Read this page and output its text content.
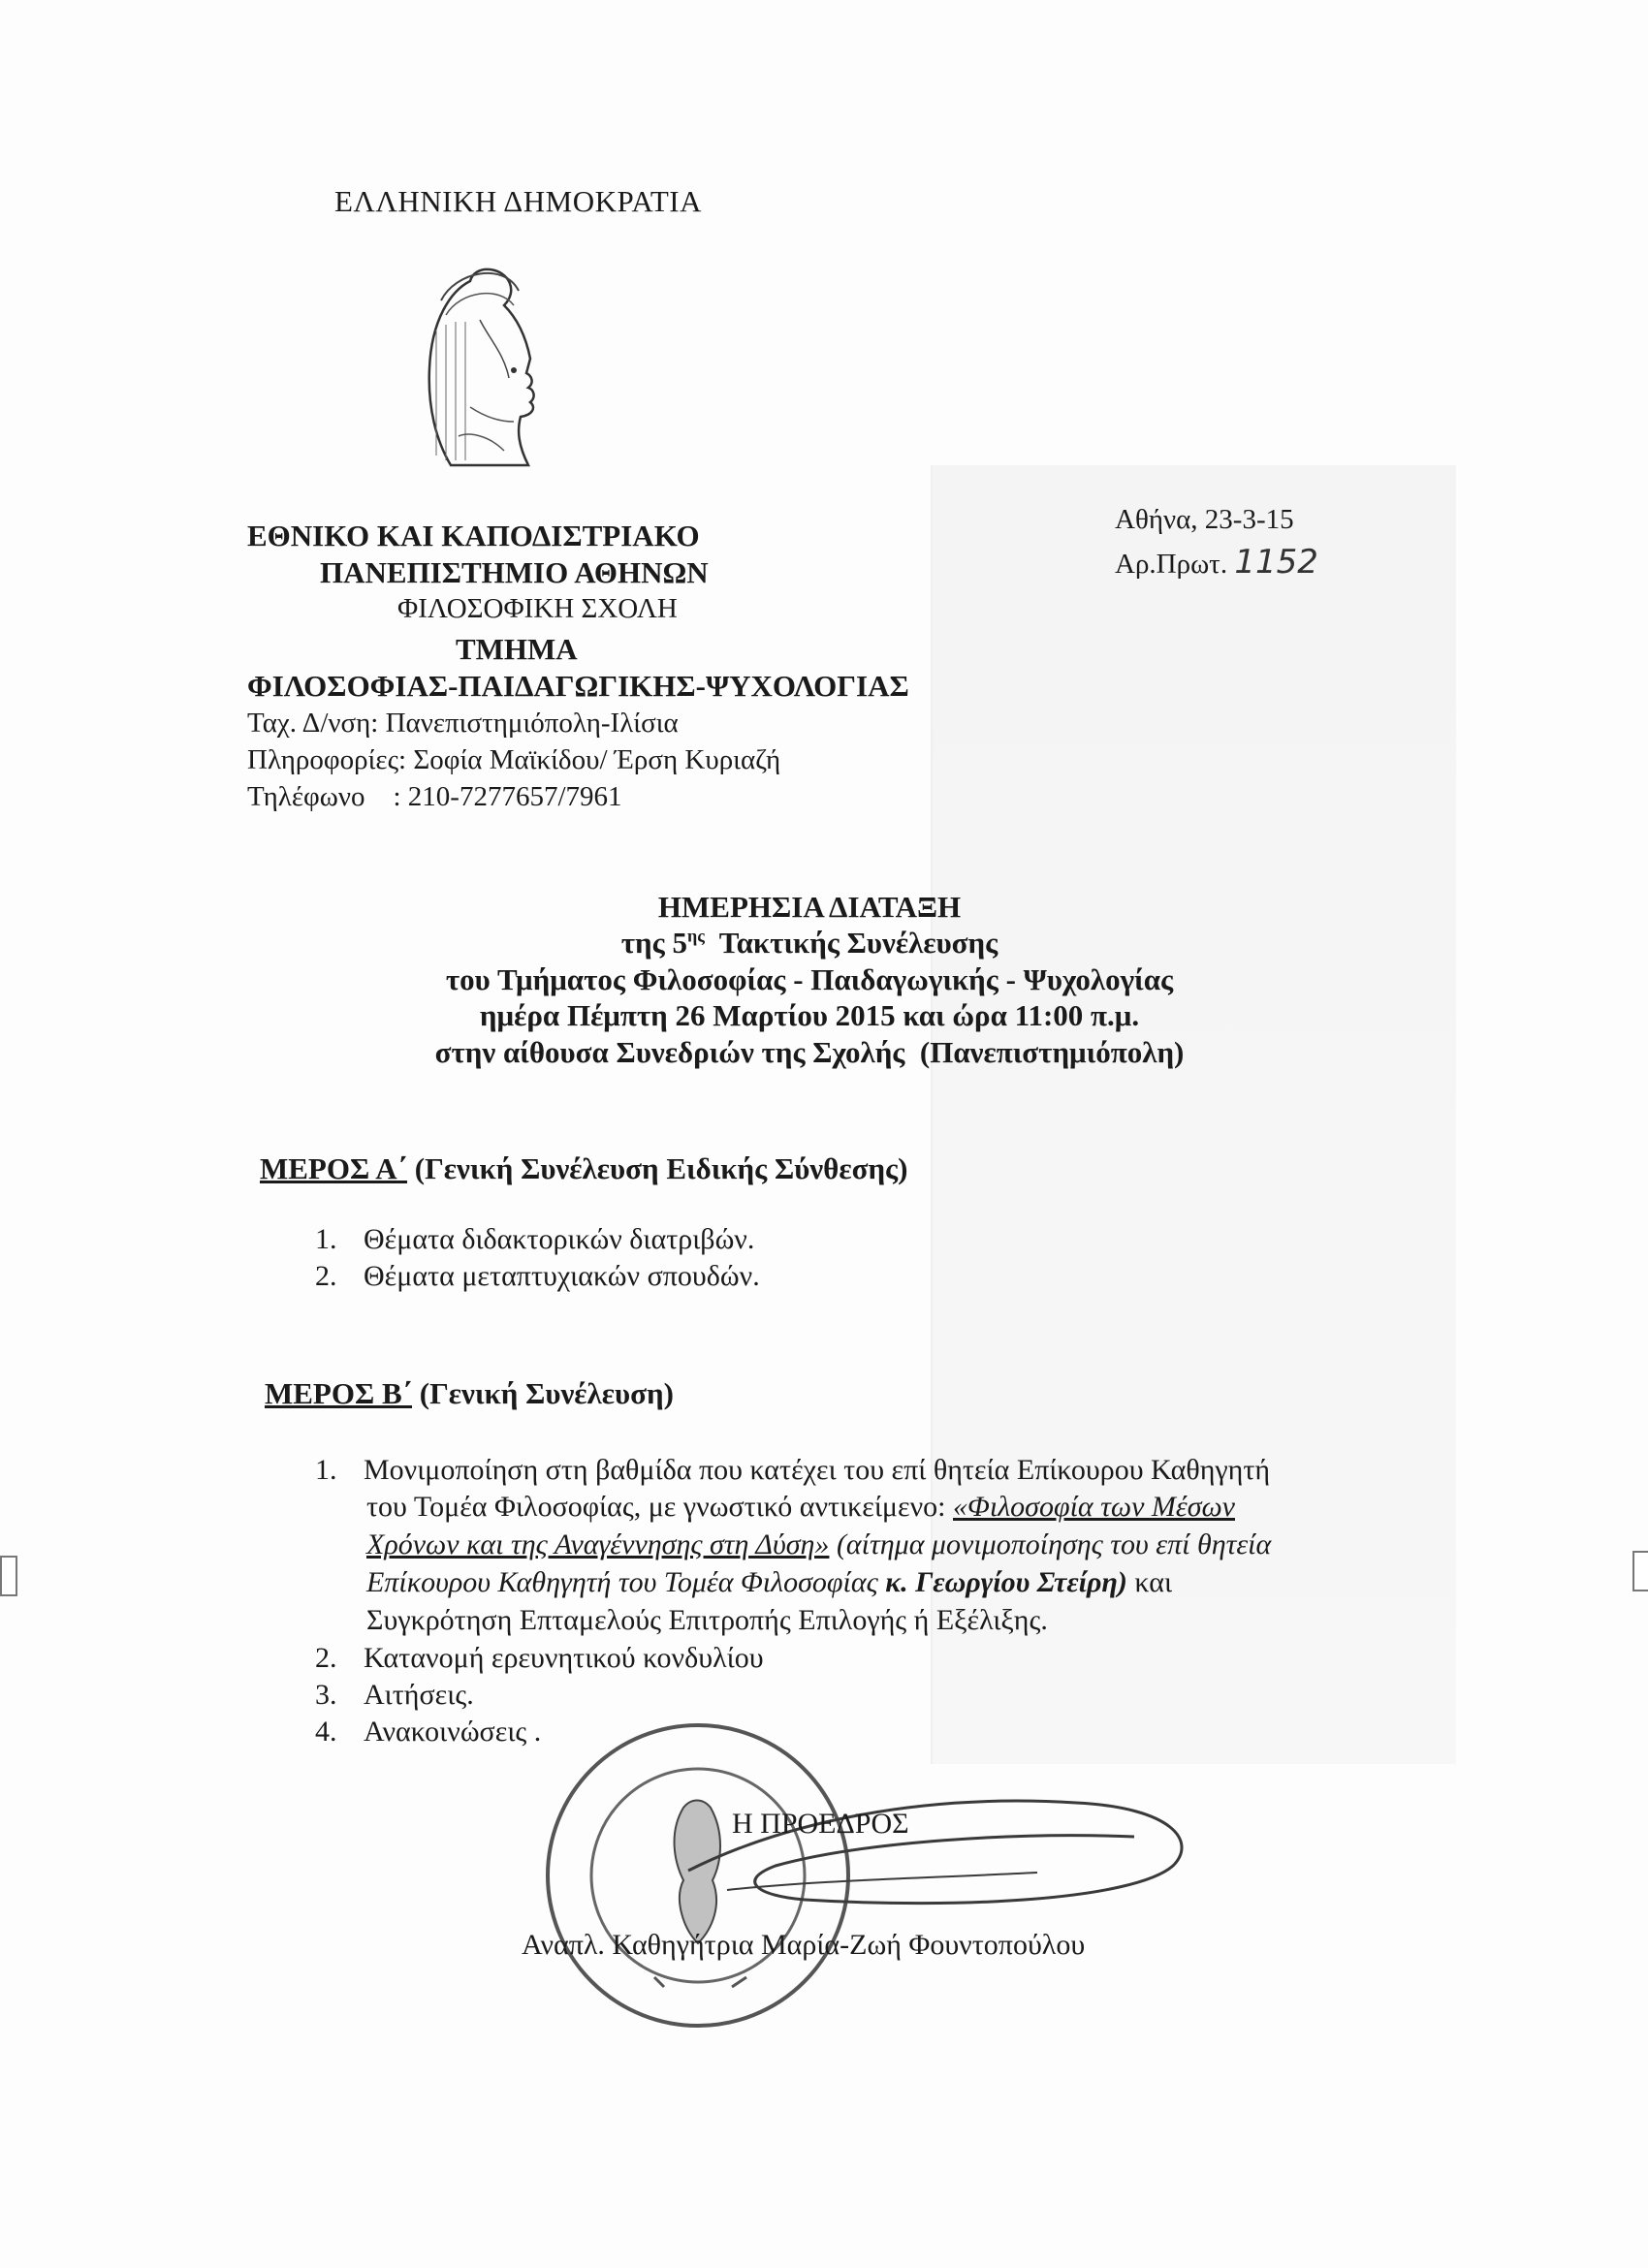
ΕΛΛΗΝΙΚΗ ΔΗΜΟΚΡΑΤΙΑ
ΕΘΝΙΚΟ ΚΑΙ ΚΑΠΟΔΙΣΤΡΙΑΚΟ
ΠΑΝΕΠΙΣΤΗΜΙΟ ΑΘΗΝΩΝ
ΦΙΛΟΣΟΦΙΚΗ ΣΧΟΛΗ
ΤΜΗΜΑ
ΦΙΛΟΣΟΦΙΑΣ-ΠΑΙΔΑΓΩΓΙΚΗΣ-ΨΥΧΟΛΟΓΙΑΣ
Ταχ. Δ/νση: Πανεπιστημιόπολη-Ιλίσια
Πληροφορίες: Σοφία Μαϊκίδου/ Έρση Κυριαζή
Τηλέφωνο    : 210-7277657/7961
Αθήνα, 23-3-15
Αρ.Πρωτ. 1152
ΗΜΕΡΗΣΙΑ ΔΙΑΤΑΞΗ
της $5^{\eta\varsigma}$  Τακτικής Συνέλευσης
του Τμήματος Φιλοσοφίας - Παιδαγωγικής - Ψυχολογίας
ημέρα Πέμπτη 26 Μαρτίου 2015 και ώρα 11:00 π.μ.
στην αίθουσα Συνεδριών της Σχολής  (Πανεπιστημιόπολη)
ΜΕΡΟΣ Α΄ (Γενική Συνέλευση Ειδικής Σύνθεσης)
1. Θέματα διδακτορικών διατριβών.
2. Θέματα μεταπτυχιακών σπουδών.
ΜΕΡΟΣ Β΄ (Γενική Συνέλευση)
1. Μονιμοποίηση στη βαθμίδα που κατέχει του επί θητεία Επίκουρου Καθηγητή
του Τομέα Φιλοσοφίας, με γνωστικό αντικείμενο: «Φιλοσοφία των Μέσων
Χρόνων και της Αναγέννησης στη Δύση» (αίτημα μονιμοποίησης του επί θητεία
Επίκουρου Καθηγητή του Τομέα Φιλοσοφίας κ. Γεωργίου Στείρη) και
Συγκρότηση Επταμελούς Επιτροπής Επιλογής ή Εξέλιξης.
2. Κατανομή ερευνητικού κονδυλίου
3. Αιτήσεις.
4. Ανακοινώσεις .
Η ΠΡΟΕΔΡΟΣ
Αναπλ. Καθηγήτρια Μαρία-Ζωή Φουντοπούλου
